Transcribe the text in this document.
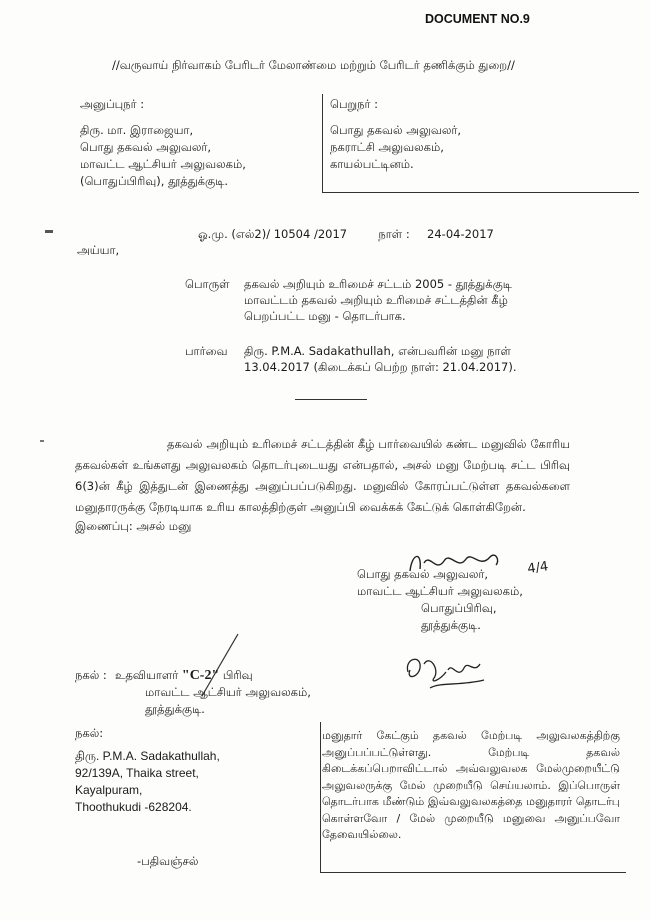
DOCUMENT NO.9
//வருவாய் நிர்வாகம் பேரிடர் மேலாண்மை மற்றும் பேரிடர் தணிக்கும் துறை//
அனுப்புநர் :
திரு. மா. இராஜையா,
பொது தகவல் அலுவலர்,
மாவட்ட ஆட்சியர் அலுவலகம்,
(பொதுப்பிரிவு), தூத்துக்குடி.
பெறுநர் :
பொது தகவல் அலுவலர்,
நகராட்சி அலுவலகம்,
காயல்பட்டினம்.
ஓ.மு. (எல்2)/ 10504 /2017	நாள் : 24-04-2017
அய்யா,
பொருள் தகவல் அறியும் உரிமைச் சட்டம் 2005 - தூத்துக்குடி மாவட்டம் தகவல் அறியும் உரிமைச் சட்டத்தின் கீழ் பெறப்பட்ட மனு - தொடர்பாக.
பார்வை திரு. P.M.A. Sadakathullah, என்பவரின் மனு நாள் 13.04.2017 (கிடைக்கப் பெற்ற நாள்: 21.04.2017).
தகவல் அறியும் உரிமைச் சட்டத்தின் கீழ் பார்வையில் கண்ட மனுவில் கோரிய தகவல்கள் உங்களது அலுவலகம் தொடர்புடையது என்பதால், அசல் மனு மேற்படி சட்ட பிரிவு 6(3)ன் கீழ் இத்துடன் இணைத்து அனுப்பப்படுகிறது. மனுவில் கோரப்பட்டுள்ள தகவல்களை மனுதாரருக்கு நேரடியாக உரிய காலத்திற்குள் அனுப்பி வைக்கக் கேட்டுக் கொள்கிறேன்.
இணைப்பு: அசல் மனு
4/4
பொது தகவல் அலுவலர்,
மாவட்ட ஆட்சியர் அலுவலகம்,
பொதுப்பிரிவு,
தூத்துக்குடி.
நகல் : உதவியாளர் "C-2" பிரிவு
மாவட்ட ஆட்சியர் அலுவலகம்,
தூத்துக்குடி.
நகல்:
திரு. P.M.A. Sadakathullah,
92/139A, Thaika street,
Kayalpuram,
Thoothukudi -628204.
மனுதார் கேட்கும் தகவல் மேற்படி அலுவலகத்திற்கு அனுப்பப்பட்டுள்ளது. மேற்படி தகவல் கிடைக்கப்பெறாவிட்டால் அவ்வலுவலக மேல்முறையீட்டு அலுவலருக்கு மேல் முறையீடு செய்யலாம். இப்பொருள் தொடர்பாக மீண்டும் இவ்வலுவலகத்தை மனுதாரர் தொடர்பு கொள்ளவோ / மேல் முறையீடு மனுவை அனுப்பவோ தேவையில்லை.
-பதிவஞ்சல்
